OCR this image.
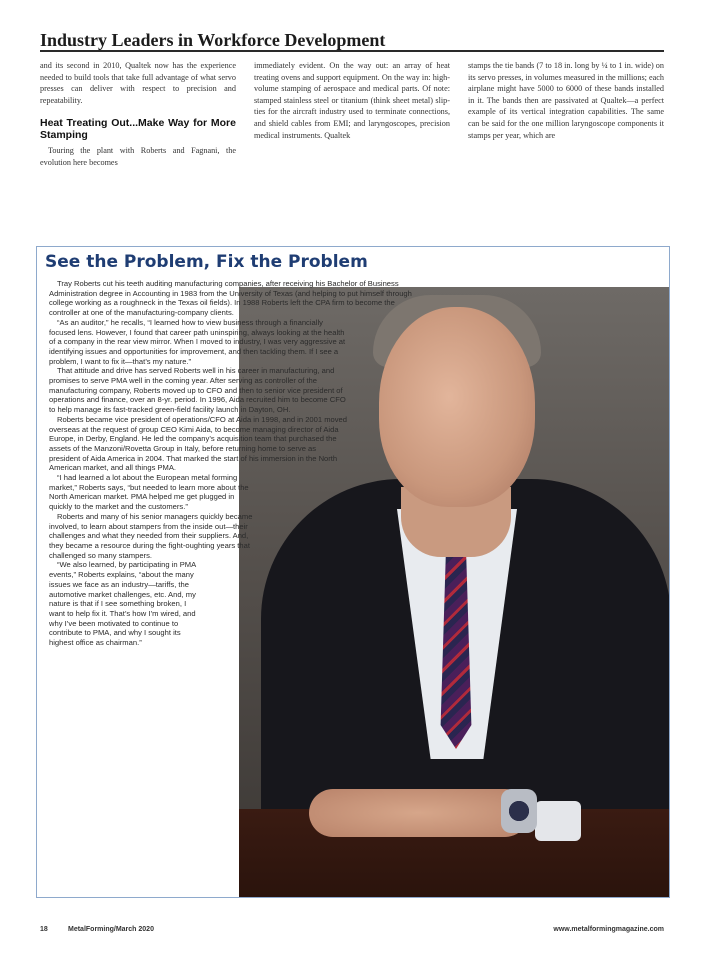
Industry Leaders in Workforce Development

and its second in 2010, Qualtek now has the experience needed to build tools that take full advantage of what servo presses can deliver with respect to precision and repeatability.

Heat Treating Out...Make Way for More Stamping

Touring the plant with Roberts and Fagnani, the evolution here becomes

immediately evident. On the way out: an array of heat treating ovens and support equipment. On the way in: high-volume stamping of aerospace and medical parts. Of note: stamped stainless steel or titanium (think sheet metal) slip-ties for the aircraft industry used to terminate connections, and shield cables from EMI; and laryngoscopes, precision medical instruments. Qualtek

stamps the tie bands (7 to 18 in. long by ¼ to 1 in. wide) on its servo presses, in volumes measured in the millions; each airplane might have 5000 to 6000 of these bands installed in it. The bands then are passivated at Qualtek—a perfect example of its vertical integration capabilities. The same can be said for the one million laryngoscope components it stamps per year, which are

See the Problem, Fix the Problem

Tray Roberts cut his teeth auditing manufacturing companies, after receiving his Bachelor of Business Administration degree in Accounting in 1983 from the University of Texas (and helping to put himself through college working as a roughneck in the Texas oil fields). In 1988 Roberts left the CPA firm to become the controller at one of the manufacturing-company clients.

“As an auditor,” he recalls, “I learned how to view business through a financially focused lens. However, I found that career path uninspiring, always looking at the health of a company in the rear view mirror. When I moved to industry, I was very aggressive at identifying issues and opportunities for improvement, and then tackling them. If I see a problem, I want to fix it—that’s my nature.”

That attitude and drive has served Roberts well in his career in manufacturing, and promises to serve PMA well in the coming year. After serving as controller of the manufacturing company, Roberts moved up to CFO and then to senior vice president of operations and finance, over an 8-yr. period. In 1996, Aida recruited him to become CFO to help manage its fast-tracked green-field facility launch in Dayton, OH.

Roberts became vice president of operations/CFO at Aida in 1998, and in 2001 moved overseas at the request of group CEO Kimi Aida, to become managing director of Aida Europe, in Derby, England. He led the company’s acquisition team that purchased the assets of the Manzoni/Rovetta Group in Italy, before returning home to serve as president of Aida America in 2004. That marked the start of his immersion in the North American market, and all things PMA.

“I had learned a lot about the European metal forming market,” Roberts says, “but needed to learn more about the North American market. PMA helped me get plugged in quickly to the market and the customers.”

Roberts and many of his senior managers quickly became involved, to learn about stampers from the inside out—their challenges and what they needed from their suppliers. And, they became a resource during the fight-oughting years that challenged so many stampers.

“We also learned, by participating in PMA events,” Roberts explains, “about the many issues we face as an industry—tariffs, the automotive market challenges, etc. And, my nature is that if I see something broken, I want to help fix it. That’s how I’m wired, and why I’ve been motivated to continue to contribute to PMA, and why I sought its highest office as chairman.”

18	MetalForming/March 2020	www.metalformingmagazine.com
